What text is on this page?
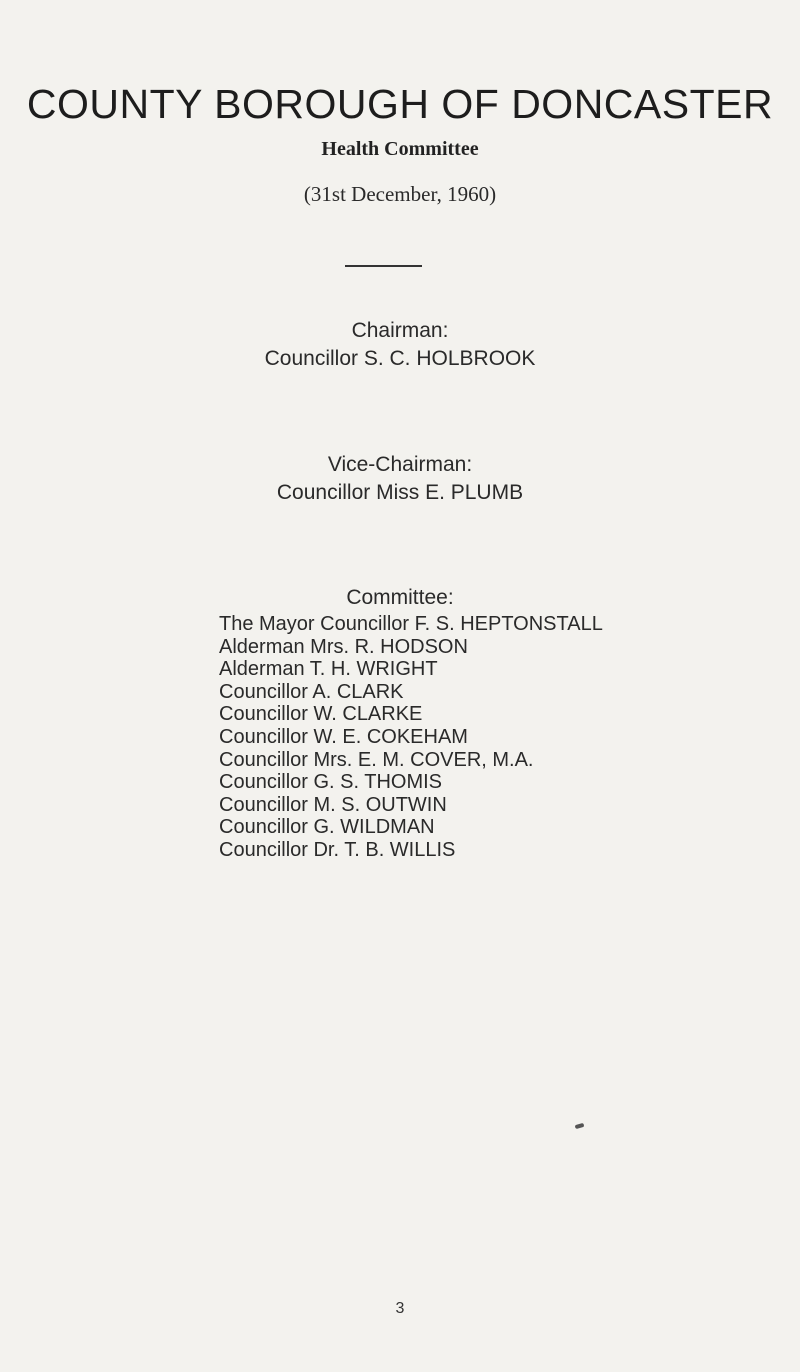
COUNTY BOROUGH OF DONCASTER
Health Committee
(31st December, 1960)
Chairman:
Councillor S. C. HOLBROOK
Vice-Chairman:
Councillor Miss E. PLUMB
Committee:
The Mayor Councillor F. S. HEPTONSTALL
Alderman Mrs. R. HODSON
Alderman T. H. WRIGHT
Councillor A. CLARK
Councillor W. CLARKE
Councillor W. E. COKEHAM
Councillor Mrs. E. M. COVER, M.A.
Councillor G. S. THOMIS
Councillor M. S. OUTWIN
Councillor G. WILDMAN
Councillor Dr. T. B. WILLIS
3
